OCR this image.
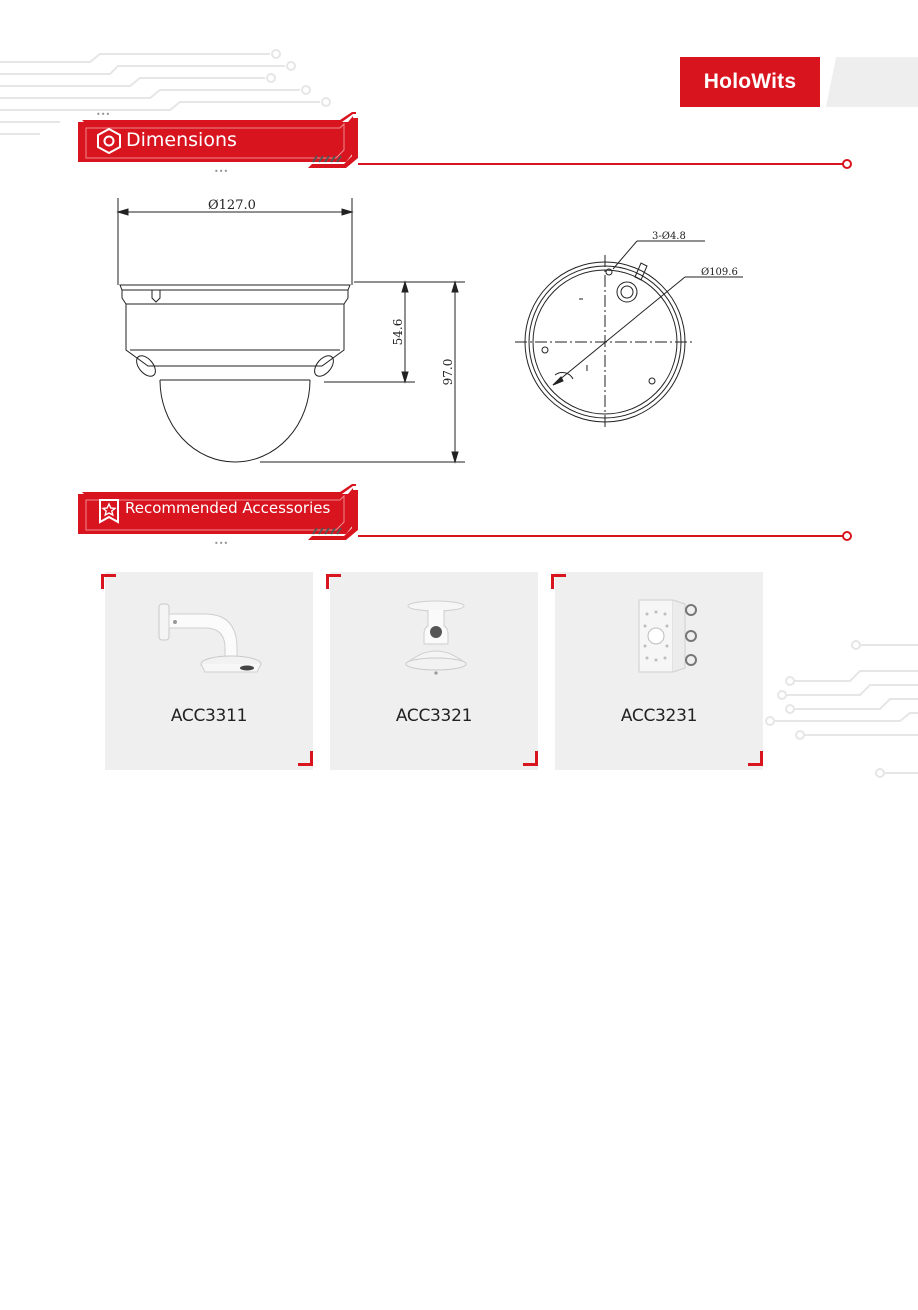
HoloWits
•••
•••
Dimensions
Ø127.0
54.6
97.0
3-Ø4.8
Ø109.6
•••
Recommended Accessories
ACC3311	ACC3321	ACC3231
